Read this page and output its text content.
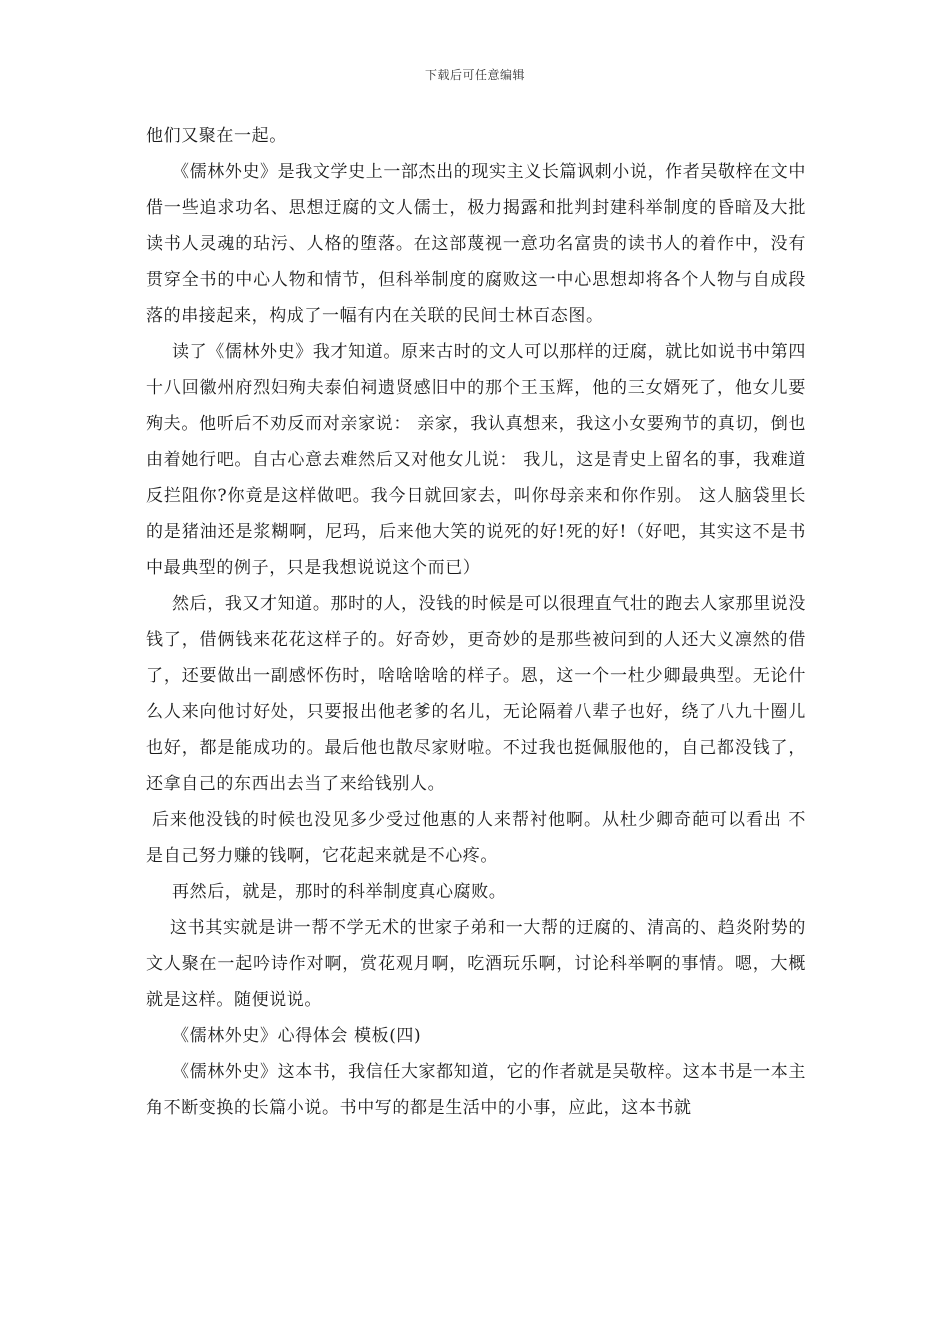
下载后可任意编辑

他们又聚在一起。

《儒林外史》是我文学史上一部杰出的现实主义长篇讽刺小说，作者吴敬梓在文中借一些追求功名、思想迂腐的文人儒士，极力揭露和批判封建科举制度的昏暗及大批读书人灵魂的玷污、人格的堕落。在这部蔑视一意功名富贵的读书人的着作中，没有贯穿全书的中心人物和情节，但科举制度的腐败这一中心思想却将各个人物与自成段落的串接起来，构成了一幅有内在关联的民间士林百态图。

读了《儒林外史》我才知道。原来古时的文人可以那样的迂腐，就比如说书中第四十八回徽州府烈妇殉夫泰伯祠遗贤感旧中的那个王玉辉，他的三女婿死了，他女儿要殉夫。他听后不劝反而对亲家说： 亲家，我认真想来，我这小女要殉节的真切，倒也由着她行吧。自古心意去难然后又对他女儿说： 我儿，这是青史上留名的事，我难道反拦阻你?你竟是这样做吧。我今日就回家去，叫你母亲来和你作别。 这人脑袋里长的是猪油还是浆糊啊，尼玛，后来他大笑的说死的好!死的好!（好吧，其实这不是书中最典型的例子，只是我想说说这个而已）

然后，我又才知道。那时的人，没钱的时候是可以很理直气壮的跑去人家那里说没钱了，借俩钱来花花这样子的。好奇妙，更奇妙的是那些被问到的人还大义凛然的借了，还要做出一副感怀伤时，啥啥啥啥的样子。恩，这一个一杜少卿最典型。无论什么人来向他讨好处，只要报出他老爹的名儿，无论隔着八辈子也好，绕了八九十圈儿也好，都是能成功的。最后他也散尽家财啦。不过我也挺佩服他的，自己都没钱了，还拿自己的东西出去当了来给钱别人。

后来他没钱的时候也没见多少受过他惠的人来帮衬他啊。从杜少卿奇葩可以看出 不是自己努力赚的钱啊，它花起来就是不心疼。

再然后，就是，那时的科举制度真心腐败。

这书其实就是讲一帮不学无术的世家子弟和一大帮的迂腐的、清高的、趋炎附势的文人聚在一起吟诗作对啊，赏花观月啊，吃酒玩乐啊，讨论科举啊的事情。嗯，大概就是这样。随便说说。

《儒林外史》心得体会 模板(四)

《儒林外史》这本书，我信任大家都知道，它的作者就是吴敬梓。这本书是一本主角不断变换的长篇小说。书中写的都是生活中的小事，应此，这本书就
